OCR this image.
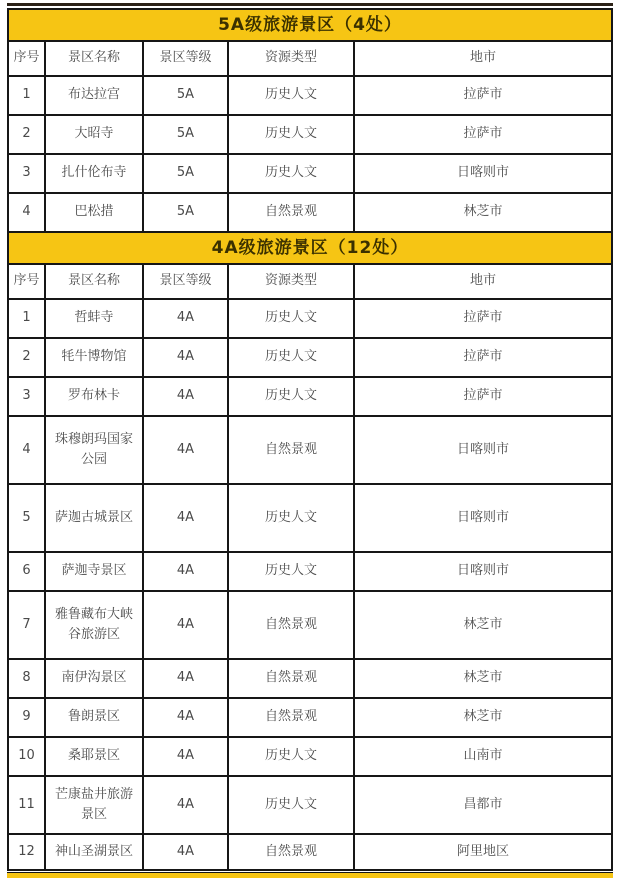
5A级旅游景区（4处）				
序号	景区名称	景区等级	资源类型	地市
1	布达拉宫	5A	历史人文	拉萨市
2	大昭寺	5A	历史人文	拉萨市
3	扎什伦布寺	5A	历史人文	日喀则市
4	巴松措	5A	自然景观	林芝市
4A级旅游景区（12处）				
序号	景区名称	景区等级	资源类型	地市
1	哲蚌寺	4A	历史人文	拉萨市
2	牦牛博物馆	4A	历史人文	拉萨市
3	罗布林卡	4A	历史人文	拉萨市
4	珠穆朗玛国家公园	4A	自然景观	日喀则市
5	萨迦古城景区	4A	历史人文	日喀则市
6	萨迦寺景区	4A	历史人文	日喀则市
7	雅鲁藏布大峡谷旅游区	4A	自然景观	林芝市
8	南伊沟景区	4A	自然景观	林芝市
9	鲁朗景区	4A	自然景观	林芝市
10	桑耶景区	4A	历史人文	山南市
11	芒康盐井旅游景区	4A	历史人文	昌都市
12	神山圣湖景区	4A	自然景观	阿里地区
